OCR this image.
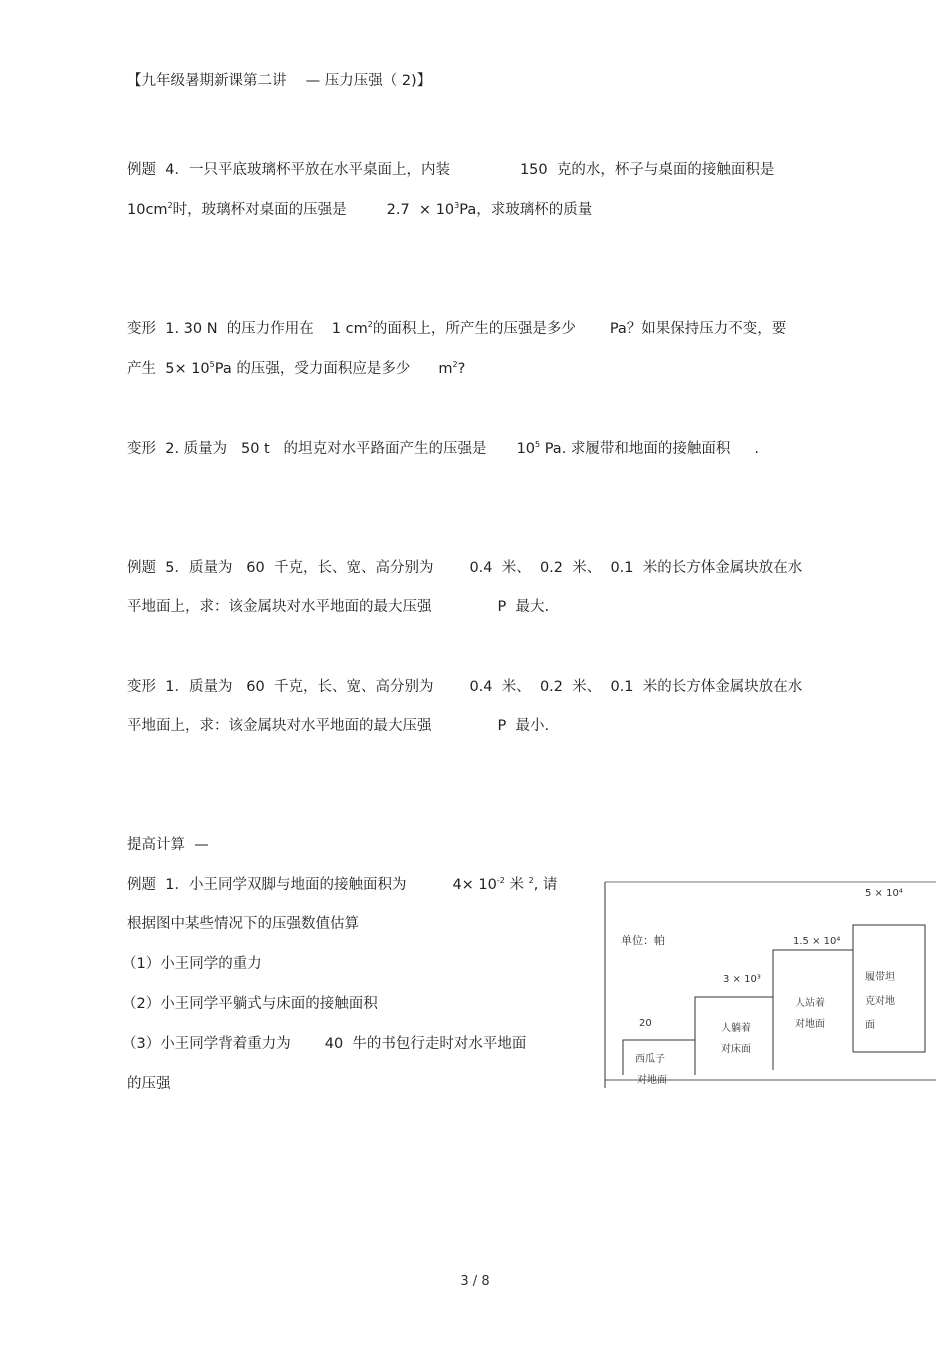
【九年级暑期新课第二讲　 — 压力压强（ 2)】
例题  4．一只平底玻璃杯平放在水平桌面上，内装	150  克的水，杯子与桌面的接触面积是
$10cm^2$时，玻璃杯对桌面的压强是	$2.7 \times 10^3Pa$，求玻璃杯的质量
变形  1. 30 N  的压力作用在 1 $cm^2$的面积上，所产生的压强是多少 Pa？如果保持压力不变，要
产生  $5\times 10^5Pa$ 的压强，受力面积应是多少 $m^2$?
变形  2. 质量为   50 t   的坦克对水平路面产生的压强是 $10^5$ Pa. 求履带和地面的接触面积 .
例题  5．质量为   60  千克，长、宽、高分别为 0.4  米、  0.2  米、  0.1  米的长方体金属块放在水
平地面上，求：该金属块对水平地面的最大压强	P  最大.
变形  1．质量为   60  千克，长、宽、高分别为 0.4  米、  0.2  米、  0.1  米的长方体金属块放在水
平地面上，求：该金属块对水平地面的最大压强	P  最小.
提高计算  —
例题  1．小王同学双脚与地面的接触面积为	$4\times 10^{-2}$ 米 $^2$, 请
根据图中某些情况下的压强数值估算
（1）小王同学的重力
（2）小王同学平躺式与床面的接触面积
（3）小王同学背着重力为 40  牛的书包行走时对水平地面
的压强
单位：帕
20
3 × 10³
1.5 × 10⁴
5 × 10⁴
西瓜子
对地面
人躺着
对床面
人站着
对地面
履带坦
克对地
面
3 / 8
